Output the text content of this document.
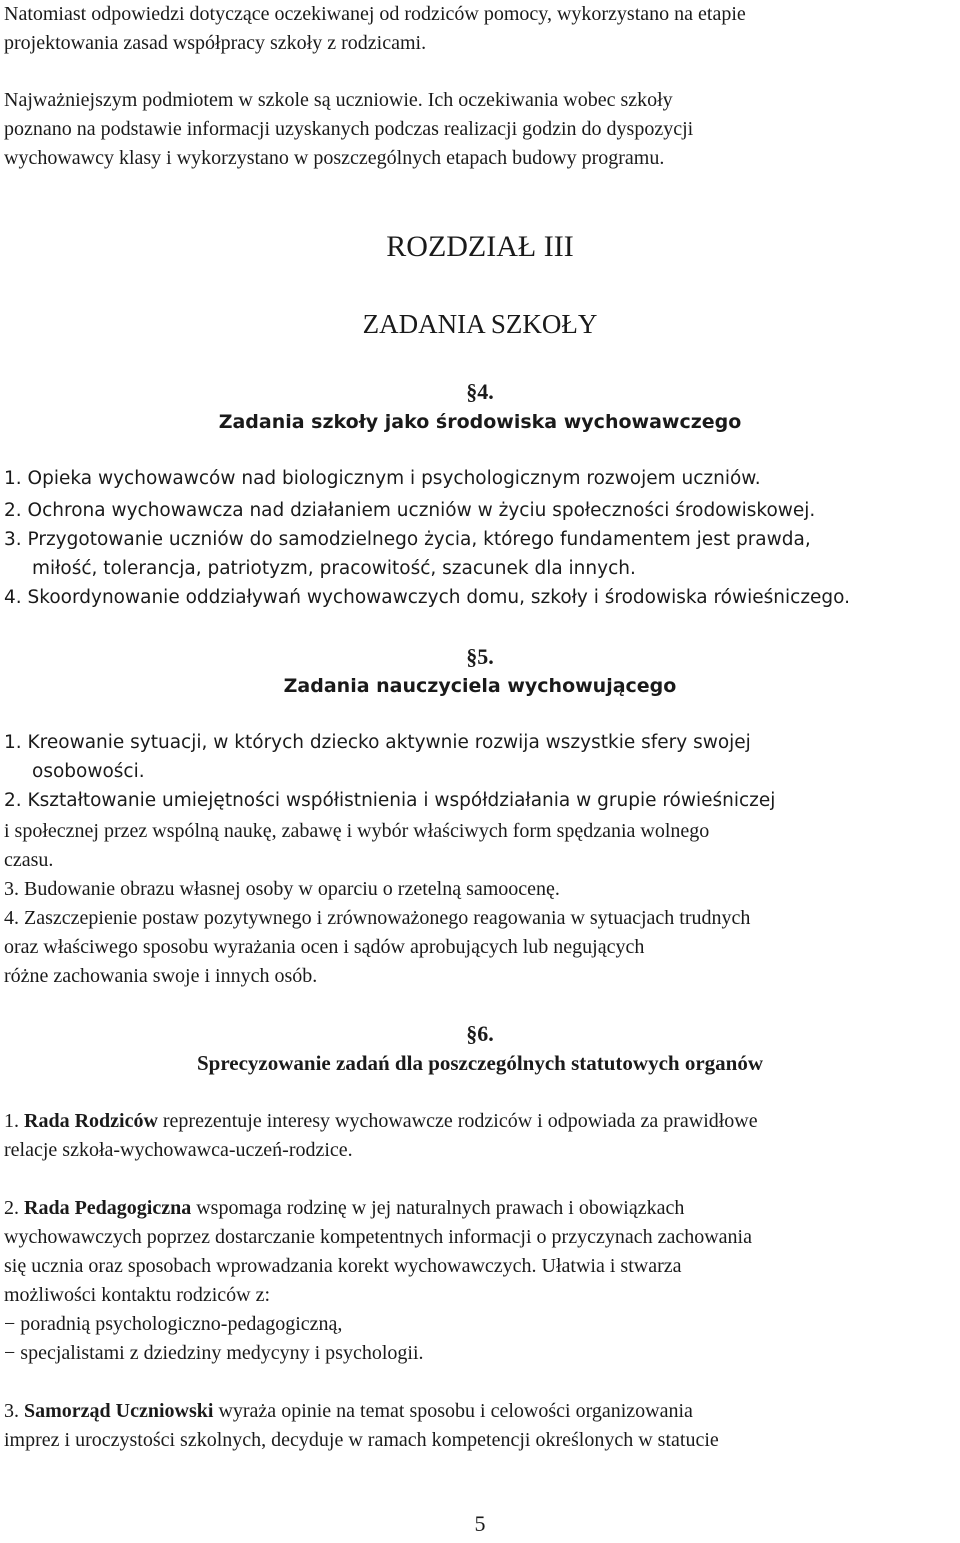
Natomiast odpowiedzi dotyczące oczekiwanej od rodziców pomocy, wykorzystano na etapie
projektowania zasad współpracy szkoły z rodzicami.
Najważniejszym podmiotem w szkole są uczniowie. Ich oczekiwania wobec szkoły
poznano na podstawie informacji uzyskanych podczas realizacji godzin do dyspozycji
wychowawcy klasy i wykorzystano w poszczególnych etapach budowy programu.
ROZDZIAŁ III
ZADANIA SZKOŁY
§4.
Zadania szkoły jako środowiska wychowawczego
1. Opieka wychowawców nad biologicznym i psychologicznym rozwojem uczniów.
2. Ochrona wychowawcza nad działaniem uczniów w życiu społeczności środowiskowej.
3. Przygotowanie uczniów do samodzielnego życia, którego fundamentem jest prawda,
miłość, tolerancja, patriotyzm, pracowitość, szacunek dla innych.
4. Skoordynowanie oddziaływań wychowawczych domu, szkoły i środowiska rówieśniczego.
§5.
Zadania nauczyciela wychowującego
1. Kreowanie sytuacji, w których dziecko aktywnie rozwija wszystkie sfery swojej
osobowości.
2. Kształtowanie umiejętności współistnienia i współdziałania w grupie rówieśniczej
i społecznej przez wspólną naukę, zabawę i wybór właściwych form spędzania wolnego
czasu.
3. Budowanie obrazu własnej osoby w oparciu o rzetelną samoocenę.
4. Zaszczepienie postaw pozytywnego i zrównoważonego reagowania w sytuacjach trudnych
oraz właściwego sposobu wyrażania ocen i sądów aprobujących lub negujących
różne zachowania swoje i innych osób.
§6.
Sprecyzowanie zadań dla poszczególnych statutowych organów
1. Rada Rodziców reprezentuje interesy wychowawcze rodziców i odpowiada za prawidłowe
relacje szkoła-wychowawca-uczeń-rodzice.
2. Rada Pedagogiczna wspomaga rodzinę w jej naturalnych prawach i obowiązkach
wychowawczych poprzez dostarczanie kompetentnych informacji o przyczynach zachowania
się ucznia oraz sposobach wprowadzania korekt wychowawczych. Ułatwia i stwarza
możliwości kontaktu rodziców z:
− poradnią psychologiczno-pedagogiczną,
− specjalistami z dziedziny medycyny i psychologii.
3. Samorząd Uczniowski wyraża opinie na temat sposobu i celowości organizowania
imprez i uroczystości szkolnych, decyduje w ramach kompetencji określonych w statucie
5
